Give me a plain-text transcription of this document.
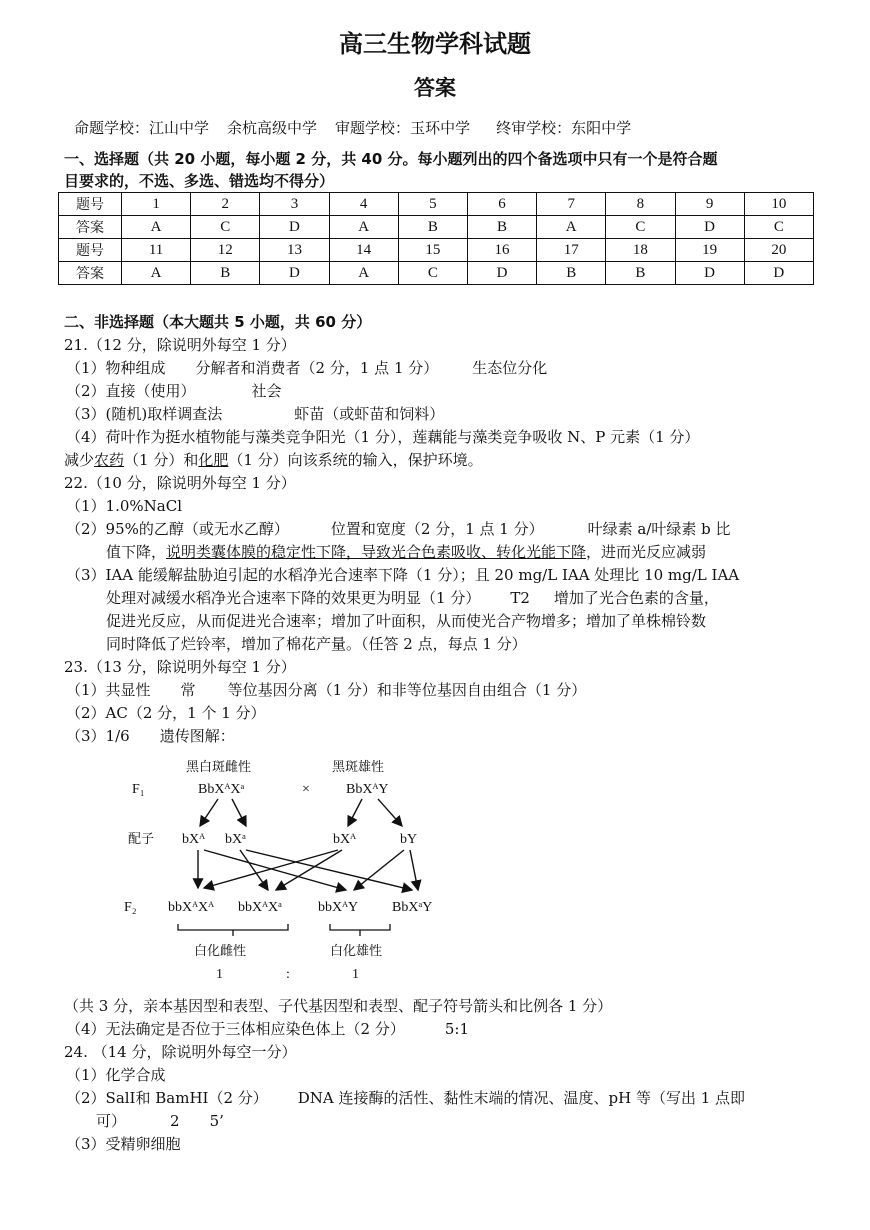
高三生物学科试题
答案
命题学校：江山中学 余杭高级中学 审题学校：玉环中学 终审学校：东阳中学
一、选择题（共 20 小题，每小题 2 分，共 40 分。每小题列出的四个备选项中只有一个是符合题
目要求的，不选、多选、错选均不得分）
题号	1	2	3	4	5	6	7	8	9	10
答案	A	C	D	A	B	B	A	C	D	C
题号	11	12	13	14	15	16	17	18	19	20
答案	A	B	D	A	C	D	B	B	D	D
二、非选择题（本大题共 5 小题，共 60 分）
21.（12 分，除说明外每空 1 分）
（1）物种组成 分解者和消费者（2 分，1 点 1 分） 生态位分化
（2）直接（使用）	社会
（3）(随机)取样调查法	虾苗（或虾苗和饲料）
（4）荷叶作为挺水植物能与藻类竞争阳光（1 分），莲藕能与藻类竞争吸收 N、P 元素（1 分）
减少农药（1 分）和化肥（1 分）向该系统的输入，保护环境。
22.（10 分，除说明外每空 1 分）
（1）1.0%NaCl
（2）95%的乙醇（或无水乙醇）	位置和宽度（2 分，1 点 1 分）	叶绿素 a/叶绿素 b 比
值下降，说明类囊体膜的稳定性下降，导致光合色素吸收、转化光能下降，进而光反应减弱
（3）IAA 能缓解盐胁迫引起的水稻净光合速率下降（1 分）；且 20 mg/L IAA 处理比 10 mg/L IAA
处理对减缓水稻净光合速率下降的效果更为明显（1 分） T2 增加了光合色素的含量，
促进光反应，从而促进光合速率；增加了叶面积，从而使光合产物增多；增加了单株棉铃数
同时降低了烂铃率，增加了棉花产量。（任答 2 点，每点 1 分）
23.（13 分，除说明外每空 1 分）
（1）共显性 常 等位基因分离（1 分）和非等位基因自由组合（1 分）
（2）AC（2 分，1 个 1 分）
（3）1/6 遗传图解：
黑白斑雌性	黑斑雄性
F₁	BbXᴬXᵃ	×	BbXᴬY
配子 bXᴬ bXᵃ	bXᴬ	bY
F₂ bbXᴬXᴬ bbXᴬXᵃ	bbXᴬY BbXᵃY
白化雌性	白化雄性
1	:	1
（共 3 分，亲本基因型和表型、子代基因型和表型、配子符号箭头和比例各 1 分）
（4）无法确定是否位于三体相应染色体上（2 分）	5:1
24. （14 分，除说明外每空一分）
（1）化学合成
（2）SalⅠ和 BamHⅠ（2 分） DNA 连接酶的活性、黏性末端的情况、温度、pH 等（写出 1 点即
可）	2 5’
（3）受精卵细胞
